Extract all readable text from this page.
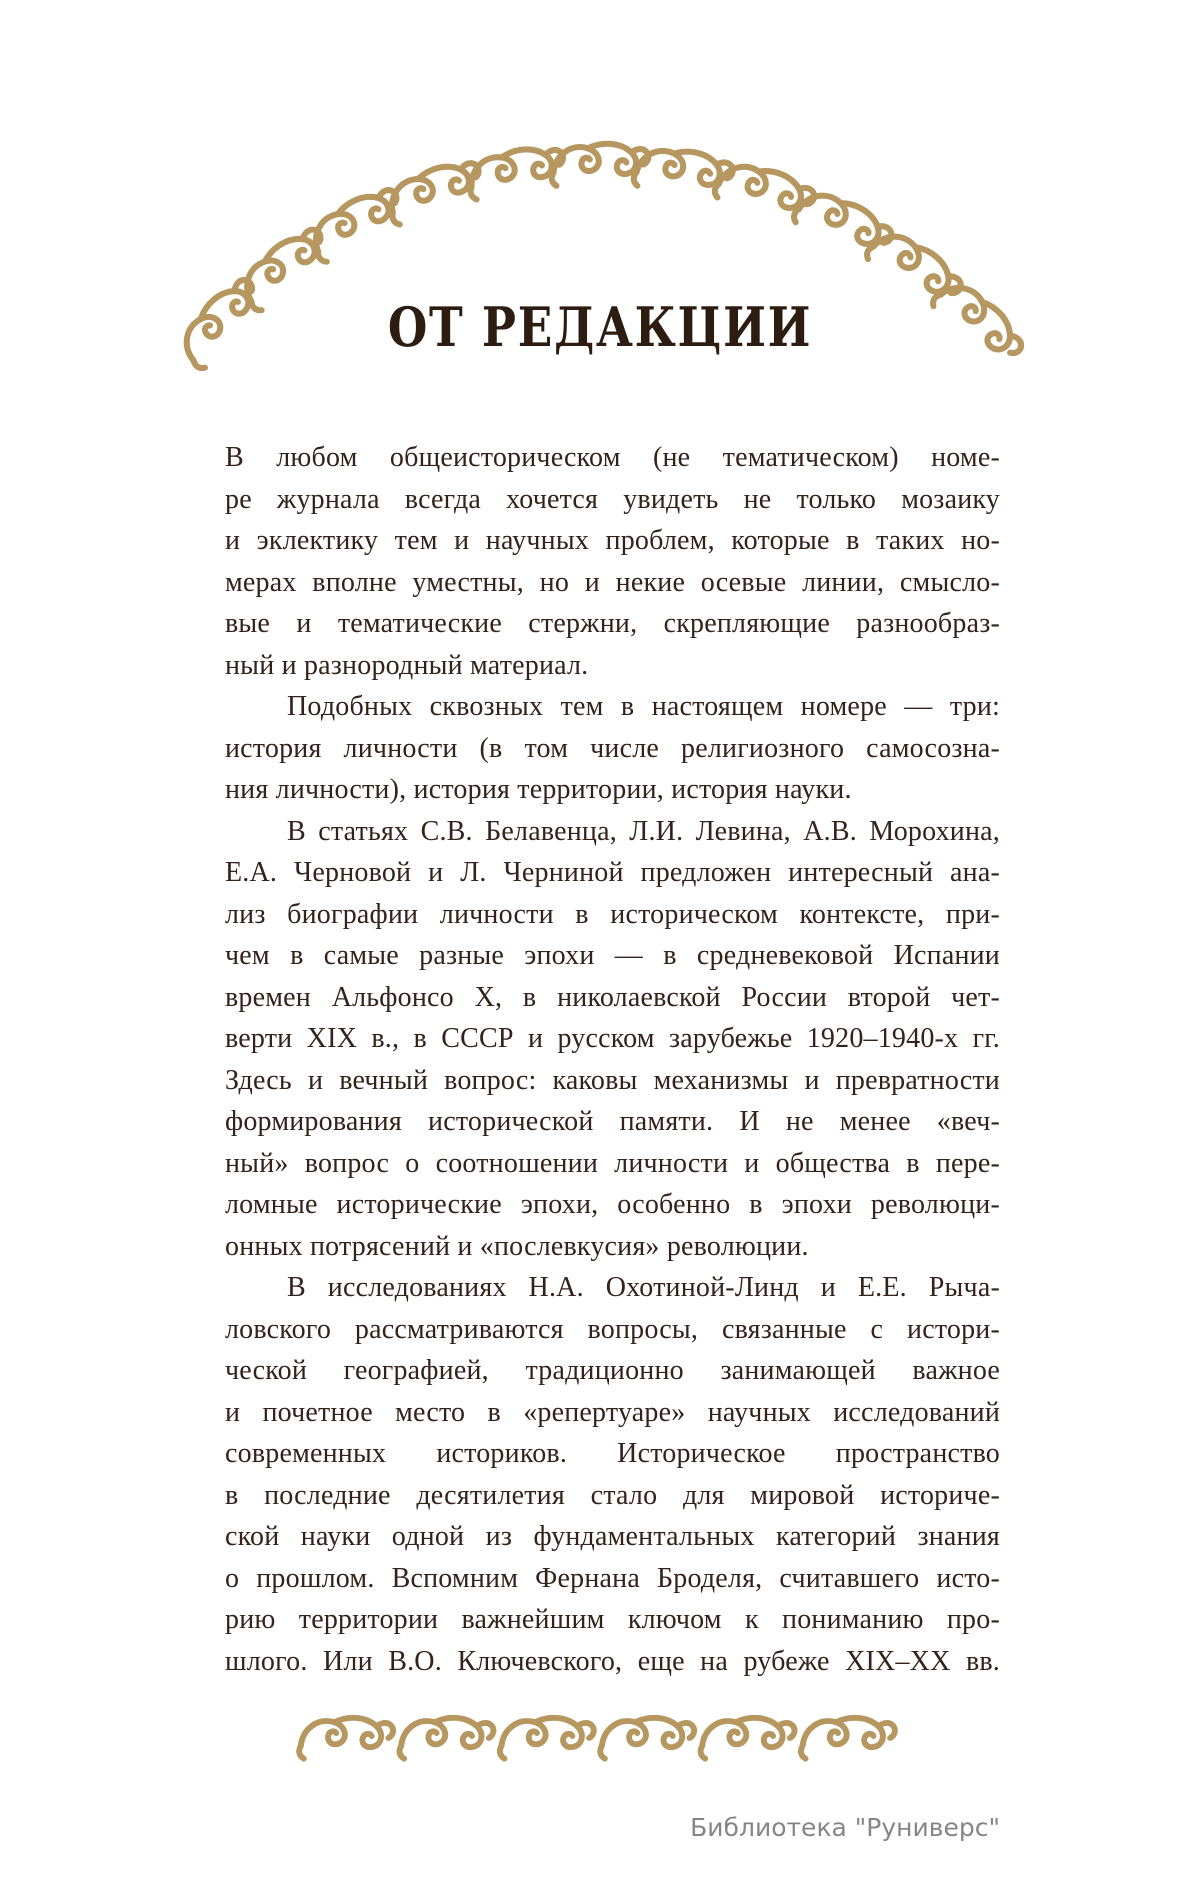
ОТ РЕДАКЦИИ
В любом общеисторическом (не тематическом) номе-
ре журнала всегда хочется увидеть не только мозаику
и эклектику тем и научных проблем, которые в таких но-
мерах вполне уместны, но и некие осевые линии, смысло-
вые и тематические стержни, скрепляющие разнообраз-
ный и разнородный материал.
Подобных сквозных тем в настоящем номере — три:
история личности (в том числе религиозного самосозна-
ния личности), история территории, история науки.
В статьях С.В. Белавенца, Л.И. Левина, А.В. Морохина,
Е.А. Черновой и Л. Черниной предложен интересный ана-
лиз биографии личности в историческом контексте, при-
чем в самые разные эпохи — в средневековой Испании
времен Альфонсо X, в николаевской России второй чет-
верти XIX в., в СССР и русском зарубежье 1920–1940-х гг.
Здесь и вечный вопрос: каковы механизмы и превратности
формирования исторической памяти. И не менее «веч-
ный» вопрос о соотношении личности и общества в пере-
ломные исторические эпохи, особенно в эпохи революци-
онных потрясений и «послевкусия» революции.
В исследованиях Н.А. Охотиной-Линд и Е.Е. Рыча-
ловского рассматриваются вопросы, связанные с истори-
ческой географией, традиционно занимающей важное
и почетное место в «репертуаре» научных исследований
современных историков. Историческое пространство
в последние десятилетия стало для мировой историче-
ской науки одной из фундаментальных категорий знания
о прошлом. Вспомним Фернана Броделя, считавшего исто-
рию территории важнейшим ключом к пониманию про-
шлого. Или В.О. Ключевского, еще на рубеже XIX–XX вв.
Библиотека "Руниверс"
